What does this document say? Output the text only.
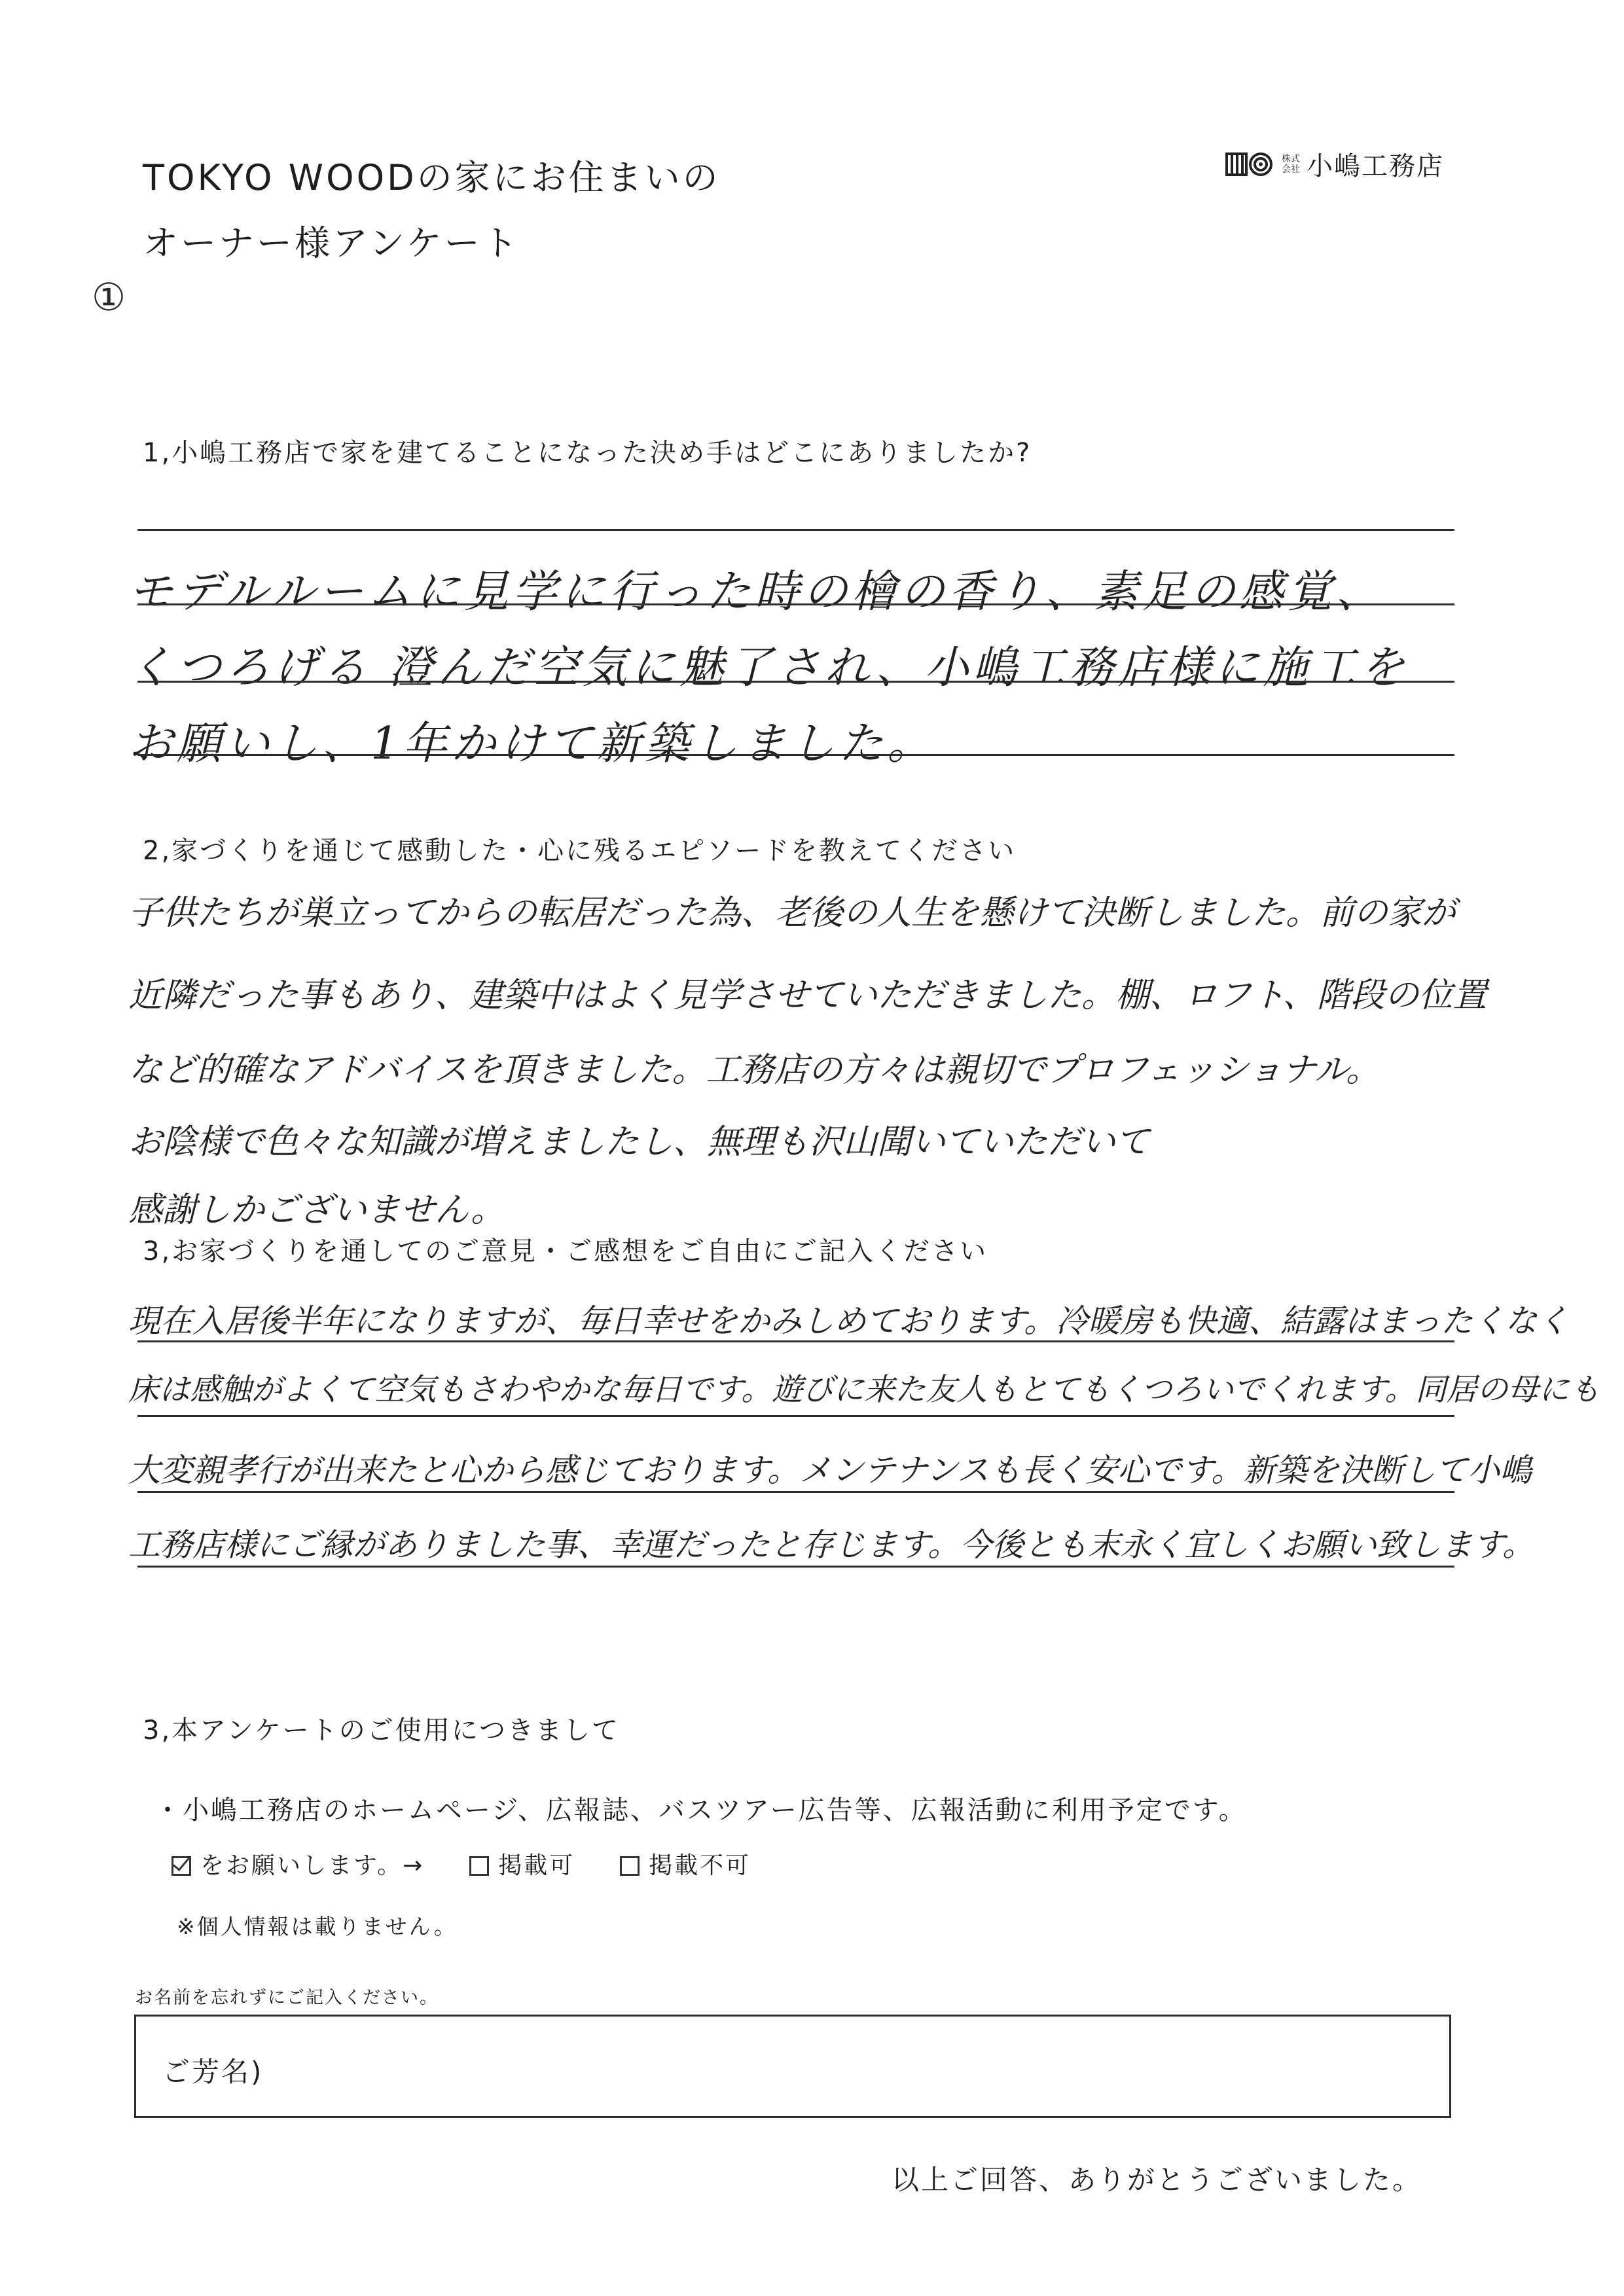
TOKYO WOODの家にお住まいの
オーナー様アンケート
株式
会社 小嶋工務店
①
1,小嶋工務店で家を建てることになった決め手はどこにありましたか?
モデルルームに見学に行った時の檜の香り、素足の感覚、
くつろげる 澄んだ空気に魅了され、小嶋工務店様に施工を
お願いし、1年かけて新築しました。
2,家づくりを通じて感動した・心に残るエピソードを教えてください
子供たちが巣立ってからの転居だった為、老後の人生を懸けて決断しました。前の家が
近隣だった事もあり、建築中はよく見学させていただきました。棚、ロフト、階段の位置
など的確なアドバイスを頂きました。工務店の方々は親切でプロフェッショナル。
お陰様で色々な知識が増えましたし、無理も沢山聞いていただいて
感謝しかございません。
3,お家づくりを通してのご意見・ご感想をご自由にご記入ください
現在入居後半年になりますが、毎日幸せをかみしめております。冷暖房も快適、結露はまったくなく
床は感触がよくて空気もさわやかな毎日です。遊びに来た友人もとてもくつろいでくれます。同居の母にも
大変親孝行が出来たと心から感じております。メンテナンスも長く安心です。新築を決断して小嶋
工務店様にご縁がありました事、幸運だったと存じます。今後とも末永く宜しくお願い致します。
3,本アンケートのご使用につきまして
・小嶋工務店のホームページ、広報誌、バスツアー広告等、広報活動に利用予定です。
をお願いします。→	掲載可	掲載不可
※個人情報は載りません。
お名前を忘れずにご記入ください。
ご芳名)
以上ご回答、ありがとうございました。
